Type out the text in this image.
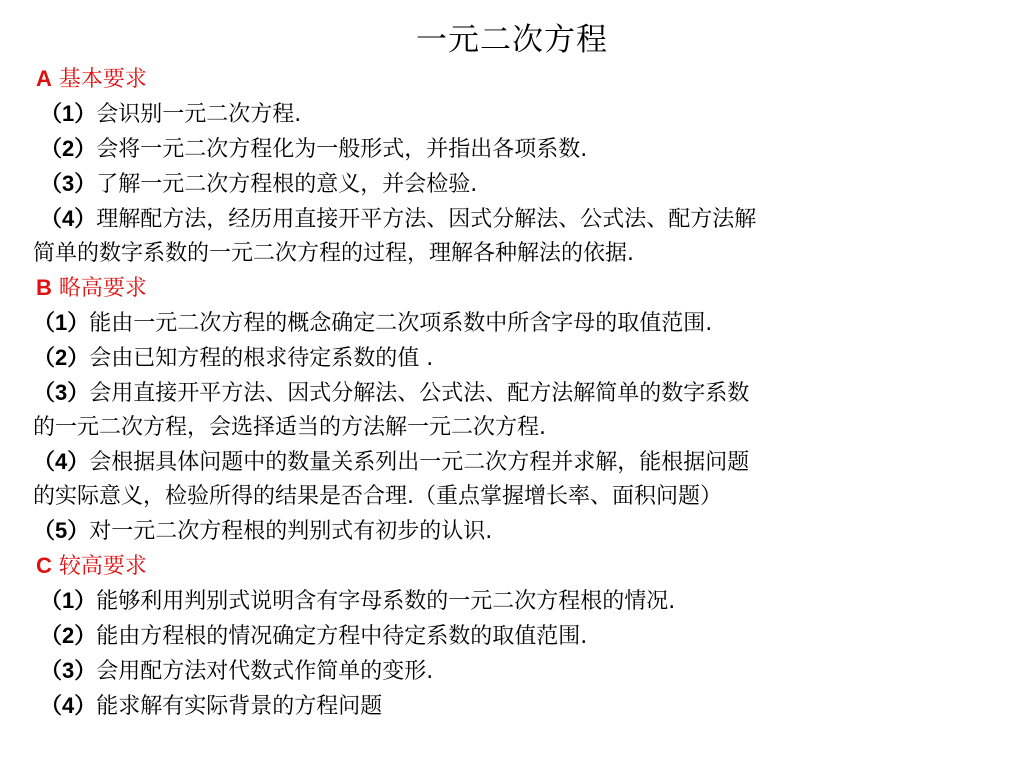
一元二次方程
A 基本要求
（1）会识别一元二次方程.
（2）会将一元二次方程化为一般形式，并指出各项系数.
（3）了解一元二次方程根的意义，并会检验.
（4）理解配方法，经历用直接开平方法、因式分解法、公式法、配方法解
简单的数字系数的一元二次方程的过程，理解各种解法的依据.
B 略高要求
（1）能由一元二次方程的概念确定二次项系数中所含字母的取值范围.
（2）会由已知方程的根求待定系数的值 .
（3）会用直接开平方法、因式分解法、公式法、配方法解简单的数字系数
的一元二次方程，会选择适当的方法解一元二次方程.
（4）会根据具体问题中的数量关系列出一元二次方程并求解，能根据问题
的实际意义，检验所得的结果是否合理.（重点掌握增长率、面积问题）
（5）对一元二次方程根的判别式有初步的认识.
C 较高要求
（1）能够利用判别式说明含有字母系数的一元二次方程根的情况.
（2）能由方程根的情况确定方程中待定系数的取值范围.
（3）会用配方法对代数式作简单的变形.
（4）能求解有实际背景的方程问题
